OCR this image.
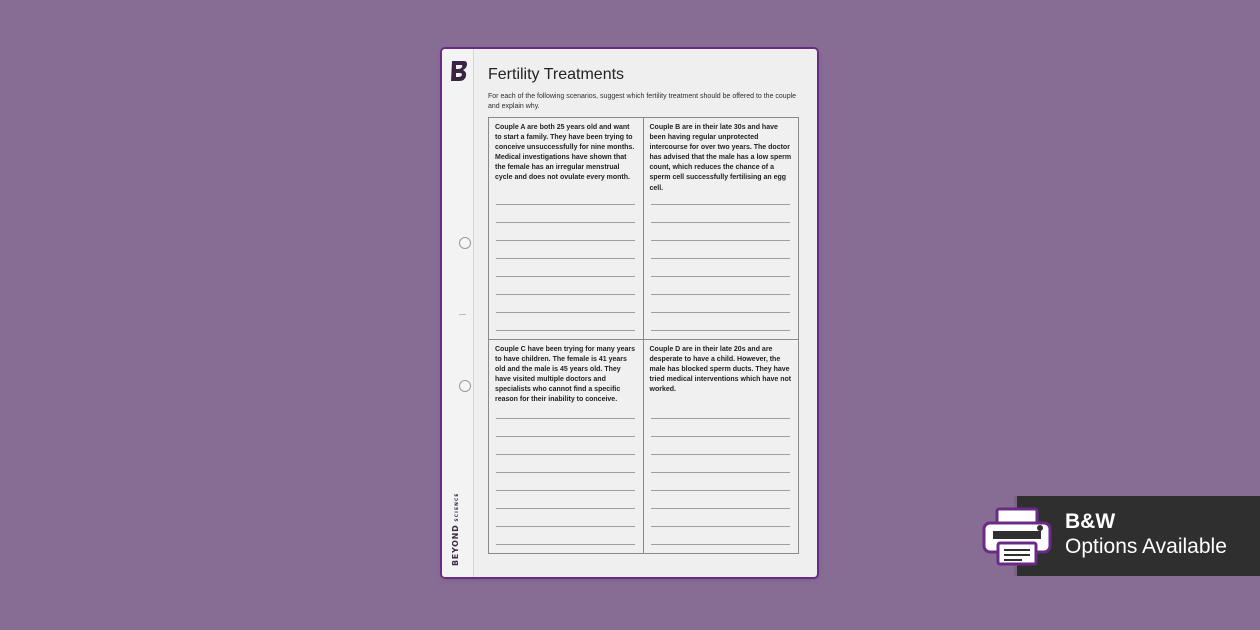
BEYOND
SCIENCE
Fertility Treatments

For each of the following scenarios, suggest which fertility treatment should be offered to the couple and explain why.

Couple A are both 25 years old and want to start a family. They have been trying to conceive unsuccessfully for nine months. Medical investigations have shown that the female has an irregular menstrual cycle and does not ovulate every month.

Couple B are in their late 30s and have been having regular unprotected intercourse for over two years. The doctor has advised that the male has a low sperm count, which reduces the chance of a sperm cell successfully fertilising an egg cell.

Couple C have been trying for many years to have children. The female is 41 years old and the male is 45 years old. They have visited multiple doctors and specialists who cannot find a specific reason for their inability to conceive.

Couple D are in their late 20s and are desperate to have a child. However, the male has blocked sperm ducts. They have tried medical interventions which have not worked.

B&W
Options Available
